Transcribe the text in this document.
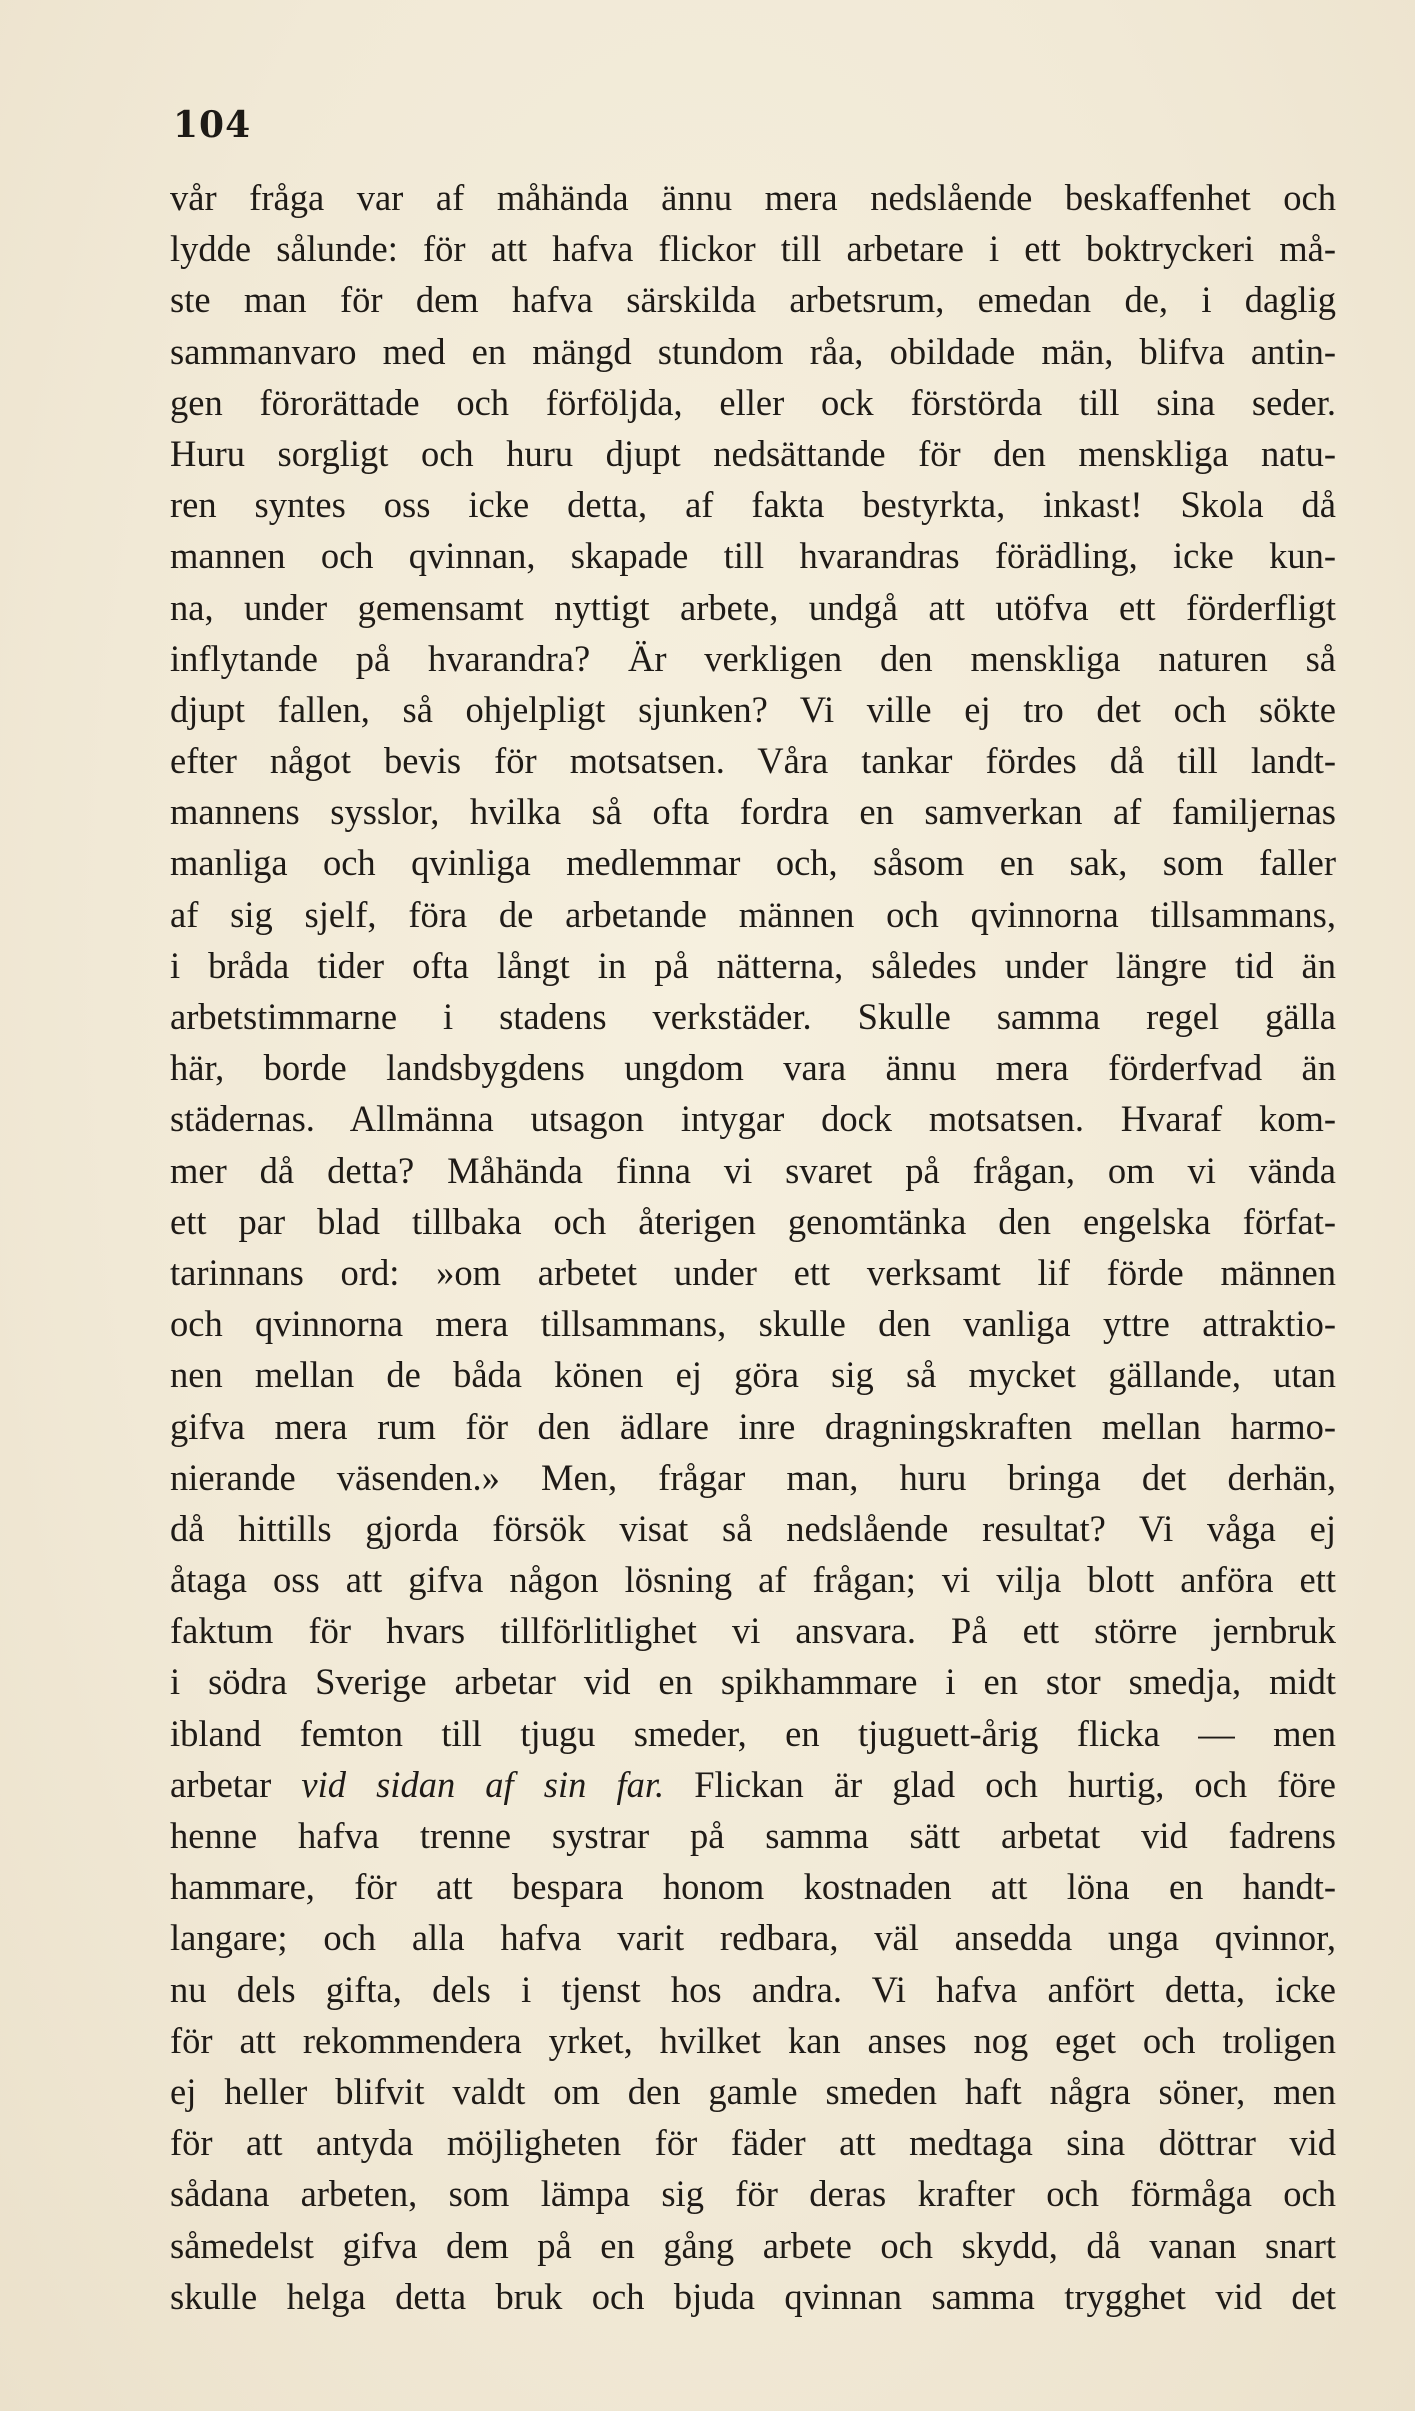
104
vår fråga var af måhända ännu mera nedslående beskaffenhet och
lydde sålunde: för att hafva flickor till arbetare i ett boktryckeri må-
ste man för dem hafva särskilda arbetsrum, emedan de, i daglig
sammanvaro med en mängd stundom råa, obildade män, blifva antin-
gen förorättade och förföljda, eller ock förstörda till sina seder.
Huru sorgligt och huru djupt nedsättande för den menskliga natu-
ren syntes oss icke detta, af fakta bestyrkta, inkast! Skola då
mannen och qvinnan, skapade till hvarandras förädling, icke kun-
na, under gemensamt nyttigt arbete, undgå att utöfva ett förderfligt
inflytande på hvarandra? Är verkligen den menskliga naturen så
djupt fallen, så ohjelpligt sjunken? Vi ville ej tro det och sökte
efter något bevis för motsatsen. Våra tankar fördes då till landt-
mannens sysslor, hvilka så ofta fordra en samverkan af familjernas
manliga och qvinliga medlemmar och, såsom en sak, som faller
af sig sjelf, föra de arbetande männen och qvinnorna tillsammans,
i bråda tider ofta långt in på nätterna, således under längre tid än
arbetstimmarne i stadens verkstäder. Skulle samma regel gälla
här, borde landsbygdens ungdom vara ännu mera förderfvad än
städernas. Allmänna utsagon intygar dock motsatsen. Hvaraf kom-
mer då detta? Måhända finna vi svaret på frågan, om vi vända
ett par blad tillbaka och återigen genomtänka den engelska förfat-
tarinnans ord: »om arbetet under ett verksamt lif förde männen
och qvinnorna mera tillsammans, skulle den vanliga yttre attraktio-
nen mellan de båda könen ej göra sig så mycket gällande, utan
gifva mera rum för den ädlare inre dragningskraften mellan harmo-
nierande väsenden.» Men, frågar man, huru bringa det derhän,
då hittills gjorda försök visat så nedslående resultat? Vi våga ej
åtaga oss att gifva någon lösning af frågan; vi vilja blott anföra ett
faktum för hvars tillförlitlighet vi ansvara. På ett större jernbruk
i södra Sverige arbetar vid en spikhammare i en stor smedja, midt
ibland femton till tjugu smeder, en tjuguett-årig flicka — men
arbetar vid sidan af sin far. Flickan är glad och hurtig, och före
henne hafva trenne systrar på samma sätt arbetat vid fadrens
hammare, för att bespara honom kostnaden att löna en handt-
langare; och alla hafva varit redbara, väl ansedda unga qvinnor,
nu dels gifta, dels i tjenst hos andra. Vi hafva anfört detta, icke
för att rekommendera yrket, hvilket kan anses nog eget och troligen
ej heller blifvit valdt om den gamle smeden haft några söner, men
för att antyda möjligheten för fäder att medtaga sina döttrar vid
sådana arbeten, som lämpa sig för deras krafter och förmåga och
såmedelst gifva dem på en gång arbete och skydd, då vanan snart
skulle helga detta bruk och bjuda qvinnan samma trygghet vid det
